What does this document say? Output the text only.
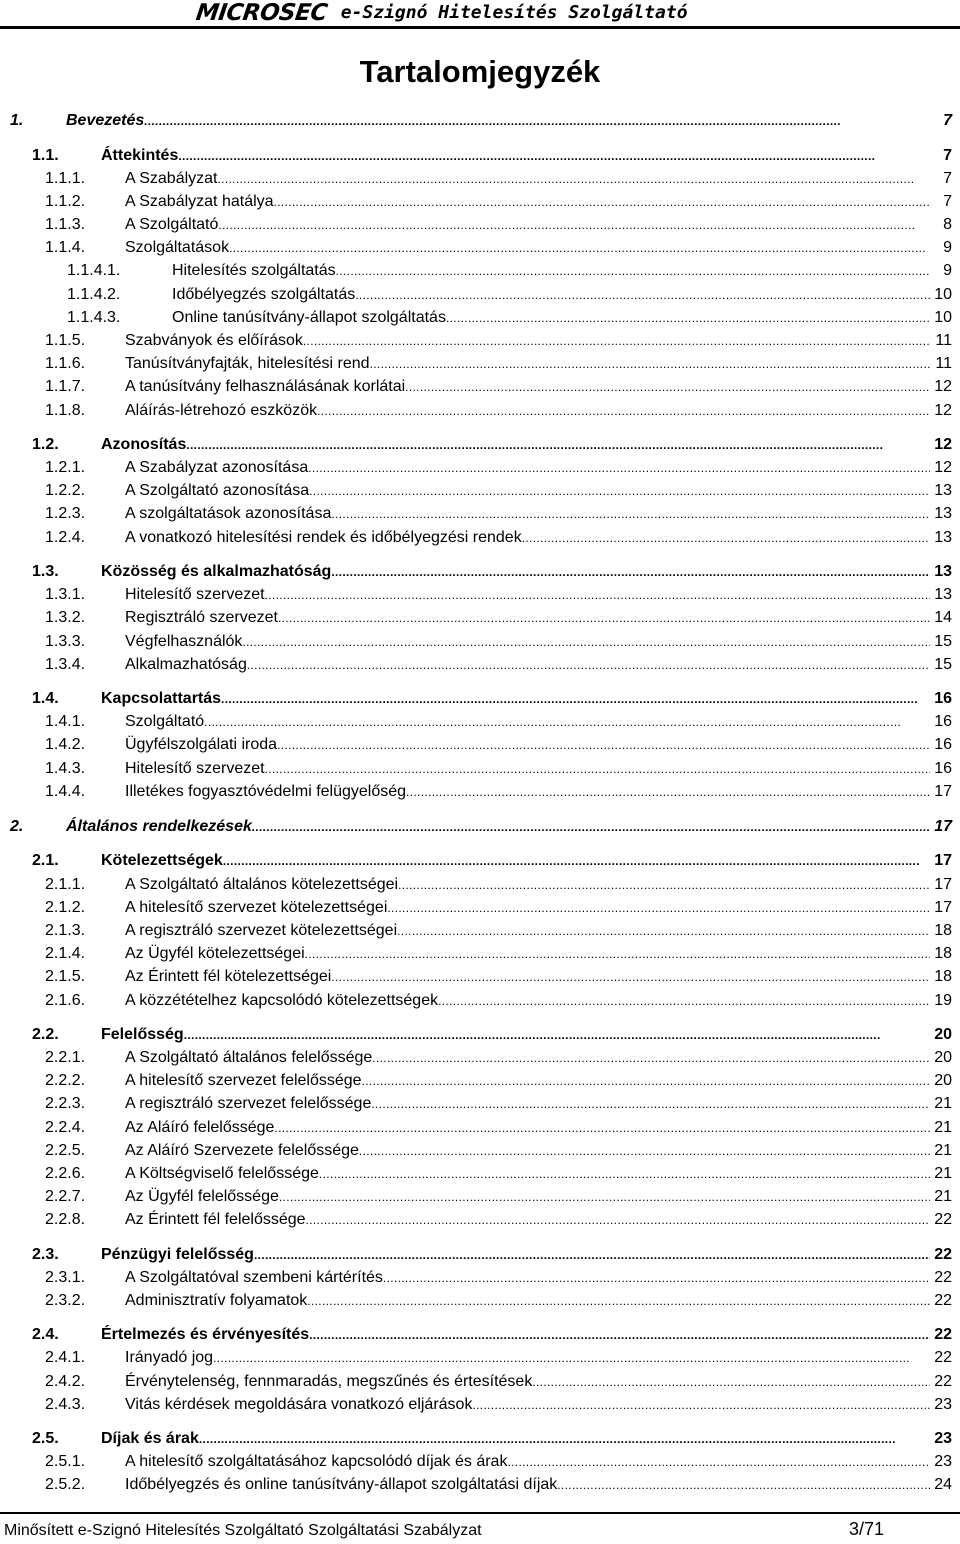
MICROSEC e-Szignó Hitelesítés Szolgáltató
Tartalomjegyzék
1.	Bevezetés . . .	7
1.1.	Áttekintés . . .	7
1.1.1. A Szabályzat . . .	7
1.1.2. A Szabályzat hatálya . . .	7
1.1.3. A Szolgáltató . . .	8
1.1.4. Szolgáltatások . . .	9
1.1.4.1.	Hitelesítés szolgáltatás . . .	9
1.1.4.2.	Időbélyegzés szolgáltatás . . .	10
1.1.4.3.	Online tanúsítvány-állapot szolgáltatás . . .	10
1.1.5. Szabványok és előírások . . .	11
1.1.6. Tanúsítványfajták, hitelesítési rend . . .	11
1.1.7. A tanúsítvány felhasználásának korlátai . . .	12
1.1.8. Aláírás-létrehozó eszközök . . .	12
1.2.	Azonosítás . . .	12
1.2.1. A Szabályzat azonosítása . . .	12
1.2.2. A Szolgáltató azonosítása . . .	13
1.2.3. A szolgáltatások azonosítása . . .	13
1.2.4. A vonatkozó hitelesítési rendek és időbélyegzési rendek . . .	13
1.3.	Közösség és alkalmazhatóság . . .	13
1.3.1. Hitelesítő szervezet . . .	13
1.3.2. Regisztráló szervezet . . .	14
1.3.3. Végfelhasználók . . .	15
1.3.4. Alkalmazhatóság . . .	15
1.4.	Kapcsolattartás . . .	16
1.4.1. Szolgáltató . . .	16
1.4.2. Ügyfélszolgálati iroda . . .	16
1.4.3. Hitelesítő szervezet . . .	16
1.4.4. Illetékes fogyasztóvédelmi felügyelőség . . .	17
2.	Általános rendelkezések . . .	17
2.1.	Kötelezettségek . . .	17
2.1.1. A Szolgáltató általános kötelezettségei . . .	17
2.1.2. A hitelesítő szervezet kötelezettségei . . .	17
2.1.3. A regisztráló szervezet kötelezettségei . . .	18
2.1.4. Az Ügyfél kötelezettségei . . .	18
2.1.5. Az Érintett fél kötelezettségei . . .	18
2.1.6. A közzétételhez kapcsolódó kötelezettségek . . .	19
2.2.	Felelősség . . .	20
2.2.1. A Szolgáltató általános felelőssége . . .	20
2.2.2. A hitelesítő szervezet felelőssége . . .	20
2.2.3. A regisztráló szervezet felelőssége . . .	21
2.2.4. Az Aláíró felelőssége . . .	21
2.2.5. Az Aláíró Szervezete felelőssége . . .	21
2.2.6. A Költségviselő felelőssége . . .	21
2.2.7. Az Ügyfél felelőssége . . .	21
2.2.8. Az Érintett fél felelőssége . . .	22
2.3.	Pénzügyi felelősség . . .	22
2.3.1. A Szolgáltatóval szembeni kártérítés . . .	22
2.3.2. Adminisztratív folyamatok . . .	22
2.4.	Értelmezés és érvényesítés . . .	22
2.4.1. Irányadó jog . . .	22
2.4.2. Érvénytelenség, fennmaradás, megszűnés és értesítések . . .	22
2.4.3. Vitás kérdések megoldására vonatkozó eljárások . . .	23
2.5.	Díjak és árak . . .	23
2.5.1. A hitelesítő szolgáltatásához kapcsolódó díjak és árak . . .	23
2.5.2. Időbélyegzés és online tanúsítvány-állapot szolgáltatási díjak . . .	24
Minősített e-Szignó Hitelesítés Szolgáltató Szolgáltatási Szabályzat	3/71
